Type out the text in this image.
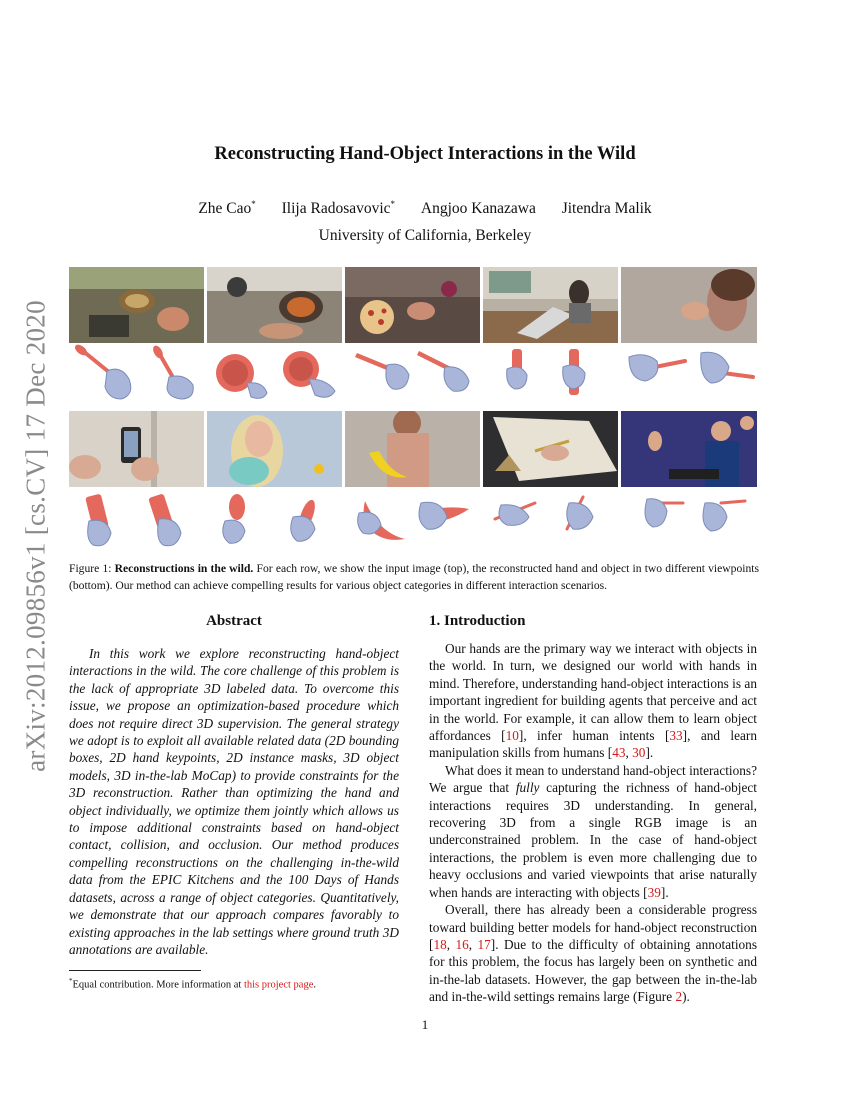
arXiv:2012.09856v1 [cs.CV] 17 Dec 2020
Reconstructing Hand-Object Interactions in the Wild
Zhe Cao* Ilija Radosavovic* Angjoo Kanazawa Jitendra Malik
University of California, Berkeley
Figure 1: Reconstructions in the wild. For each row, we show the input image (top), the reconstructed hand and object in two different viewpoints (bottom). Our method can achieve compelling results for various object categories in different interaction scenarios.
Abstract

In this work we explore reconstructing hand-object interactions in the wild. The core challenge of this problem is the lack of appropriate 3D labeled data. To overcome this issue, we propose an optimization-based procedure which does not require direct 3D supervision. The general strategy we adopt is to exploit all available related data (2D bounding boxes, 2D hand keypoints, 2D instance masks, 3D object models, 3D in-the-lab MoCap) to provide constraints for the 3D reconstruction. Rather than optimizing the hand and object individually, we optimize them jointly which allows us to impose additional constraints based on hand-object contact, collision, and occlusion. Our method produces compelling reconstructions on the challenging in-the-wild data from the EPIC Kitchens and the 100 Days of Hands datasets, across a range of object categories. Quantitatively, we demonstrate that our approach compares favorably to existing approaches in the lab settings where ground truth 3D annotations are available.

1. Introduction

Our hands are the primary way we interact with objects in the world. In turn, we designed our world with hands in mind. Therefore, understanding hand-object interactions is an important ingredient for building agents that perceive and act in the world. For example, it can allow them to learn object affordances [10], infer human intents [33], and learn manipulation skills from humans [43, 30].

What does it mean to understand hand-object interactions? We argue that fully capturing the richness of hand-object interactions requires 3D understanding. In general, recovering 3D from a single RGB image is an underconstrained problem. In the case of hand-object interactions, the problem is even more challenging due to heavy occlusions and varied viewpoints that arise naturally when hands are interacting with objects [39].

Overall, there has already been a considerable progress toward building better models for hand-object reconstruction [18, 16, 17]. Due to the difficulty of obtaining annotations for this problem, the focus has largely been on synthetic and in-the-lab datasets. However, the gap between the in-the-lab and in-the-wild settings remains large (Figure 2).

*Equal contribution. More information at this project page.
1
